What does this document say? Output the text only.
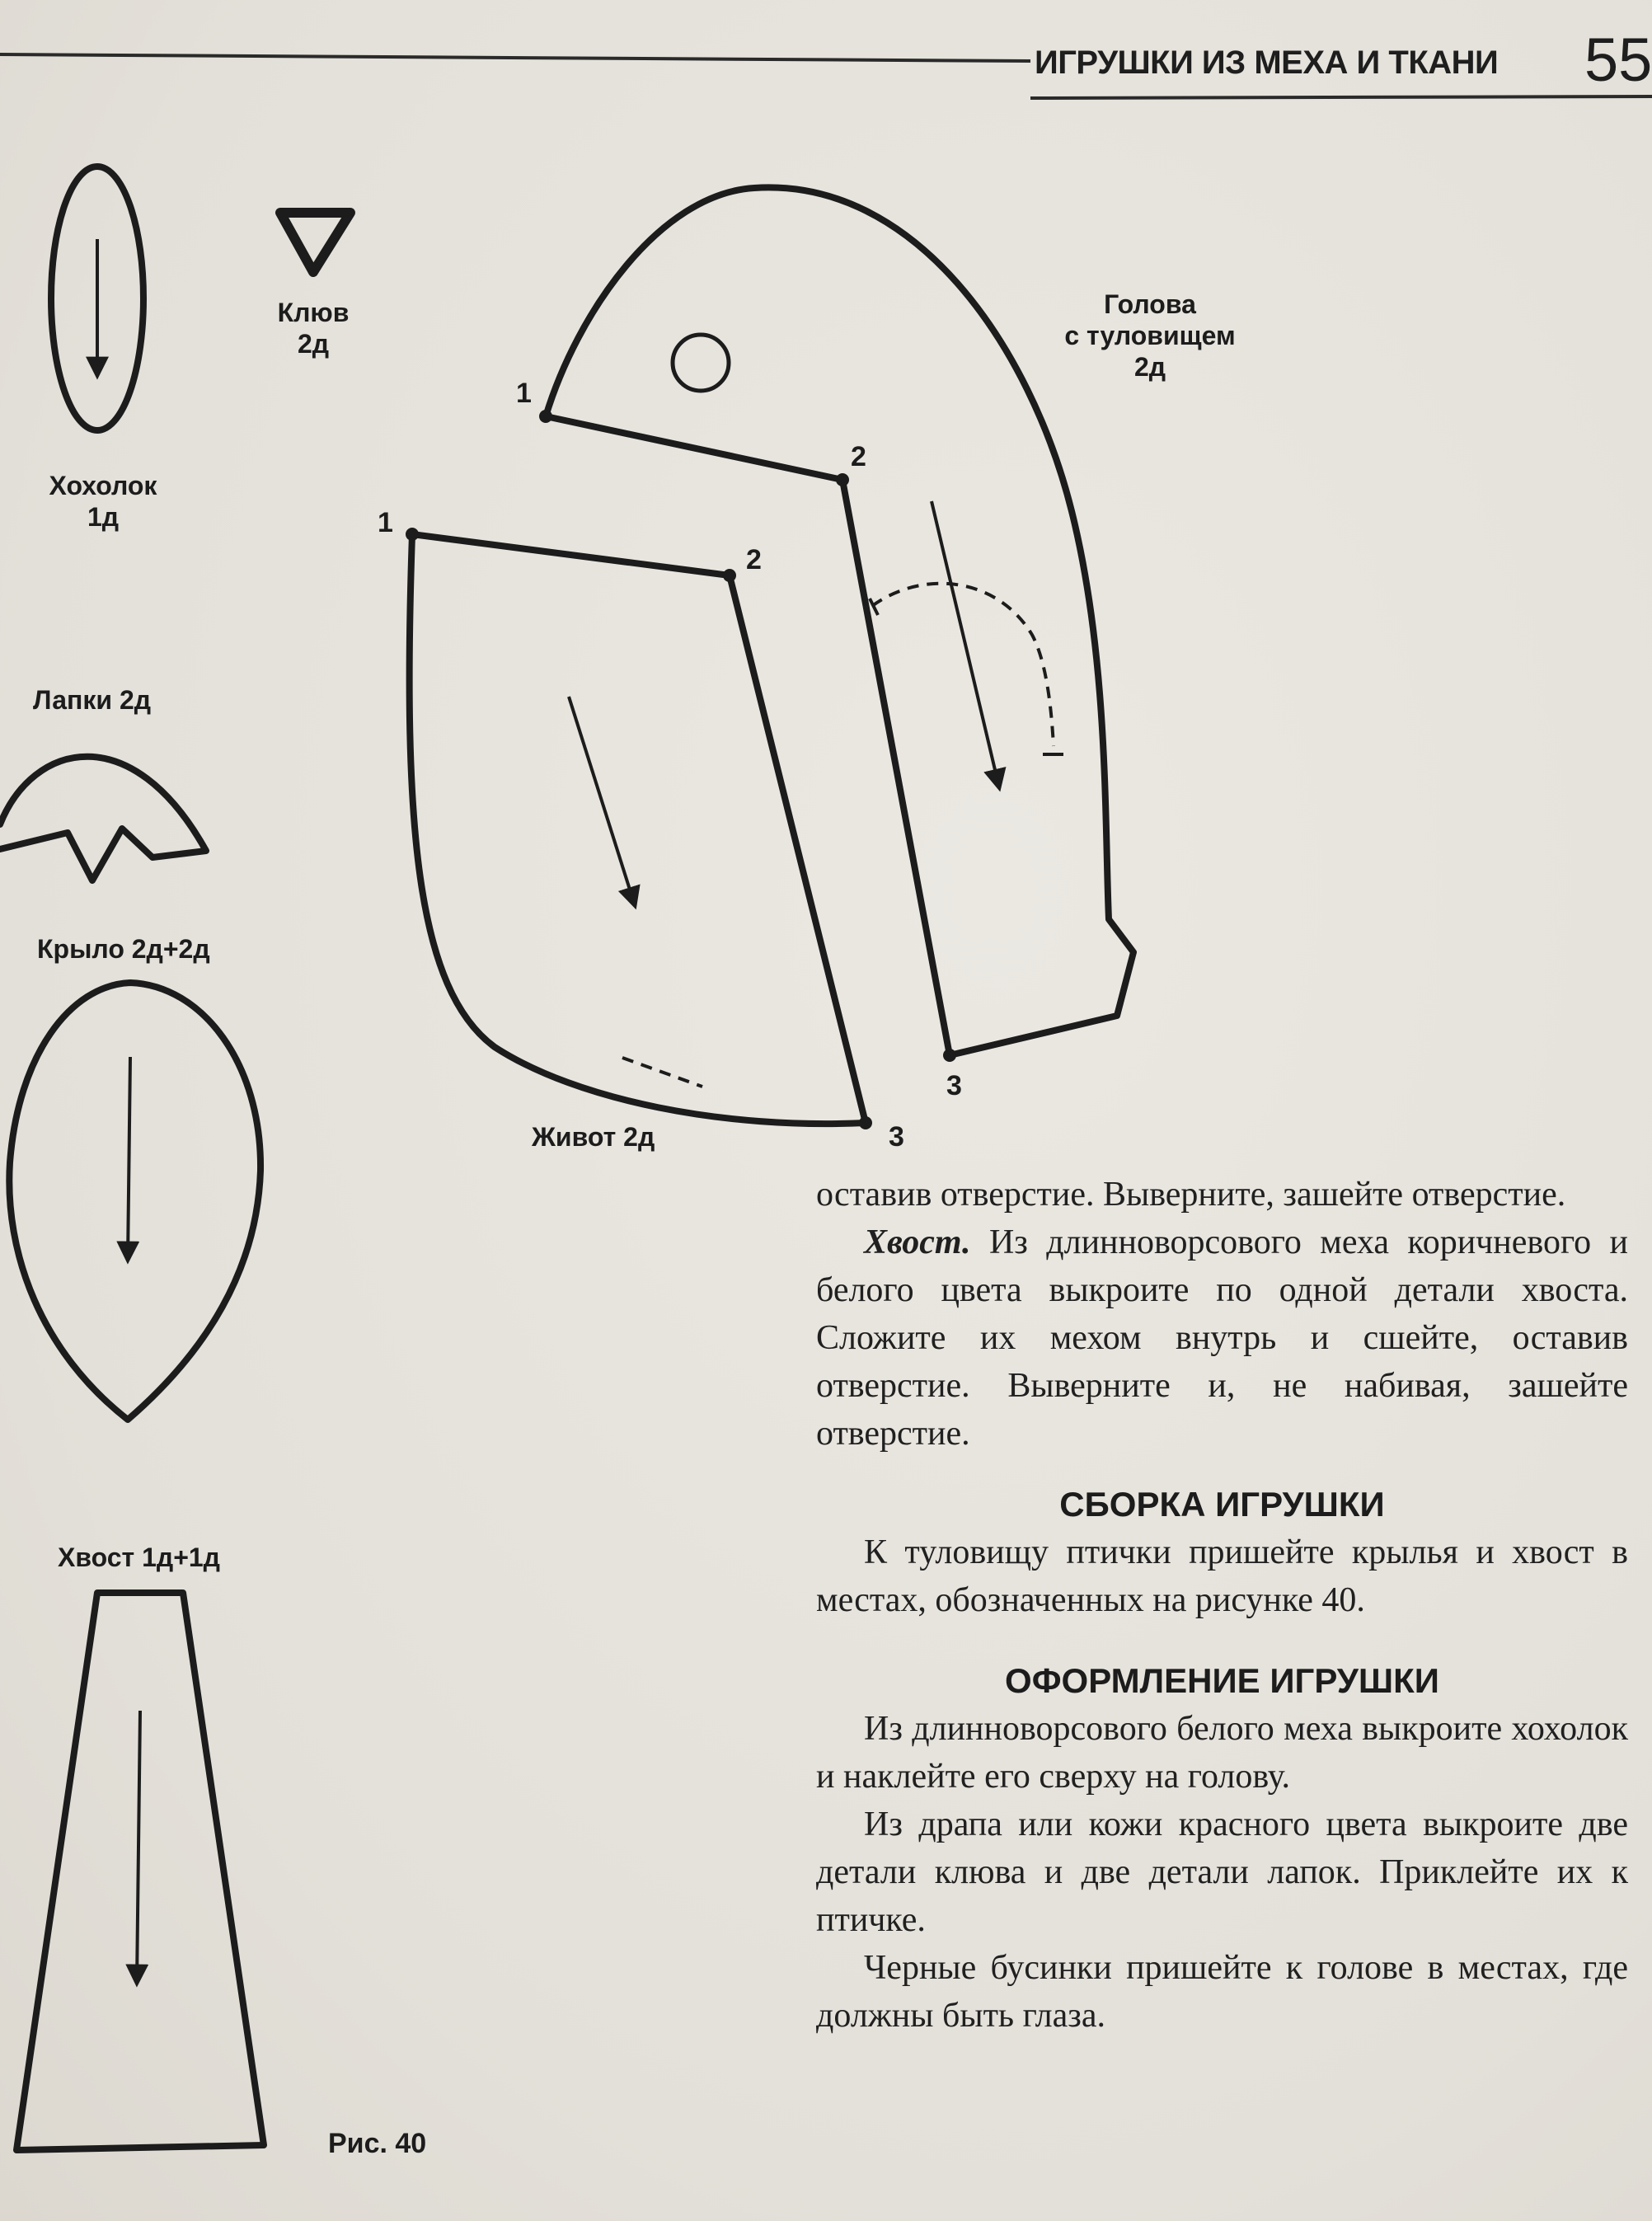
ИГРУШКИ ИЗ МЕХА И ТКАНИ	55
Хохолок
1д
Клюв
2д
Лапки 2д
Крыло 2д+2д
Хвост 1д+1д
Голова
с туловищем
2д
Живот 2д
Рис. 40
1
2
3
1
2
3

оставив отверстие. Выверните, зашейте отверстие.

Хвост. Из длинноворсового меха коричневого и белого цвета выкроите по одной детали хвоста. Сложите их мехом внутрь и сшейте, оставив отверстие. Выверните и, не набивая, зашейте отверстие.

СБОРКА ИГРУШКИ

К туловищу птички пришейте крылья и хвост в местах, обозначенных на рисунке 40.

ОФОРМЛЕНИЕ ИГРУШКИ

Из длинноворсового белого меха выкроите хохолок и наклейте его сверху на голову.

Из драпа или кожи красного цвета выкроите две детали клюва и две детали лапок. Приклейте их к птичке.

Черные бусинки пришейте к голове в местах, где должны быть глаза.
